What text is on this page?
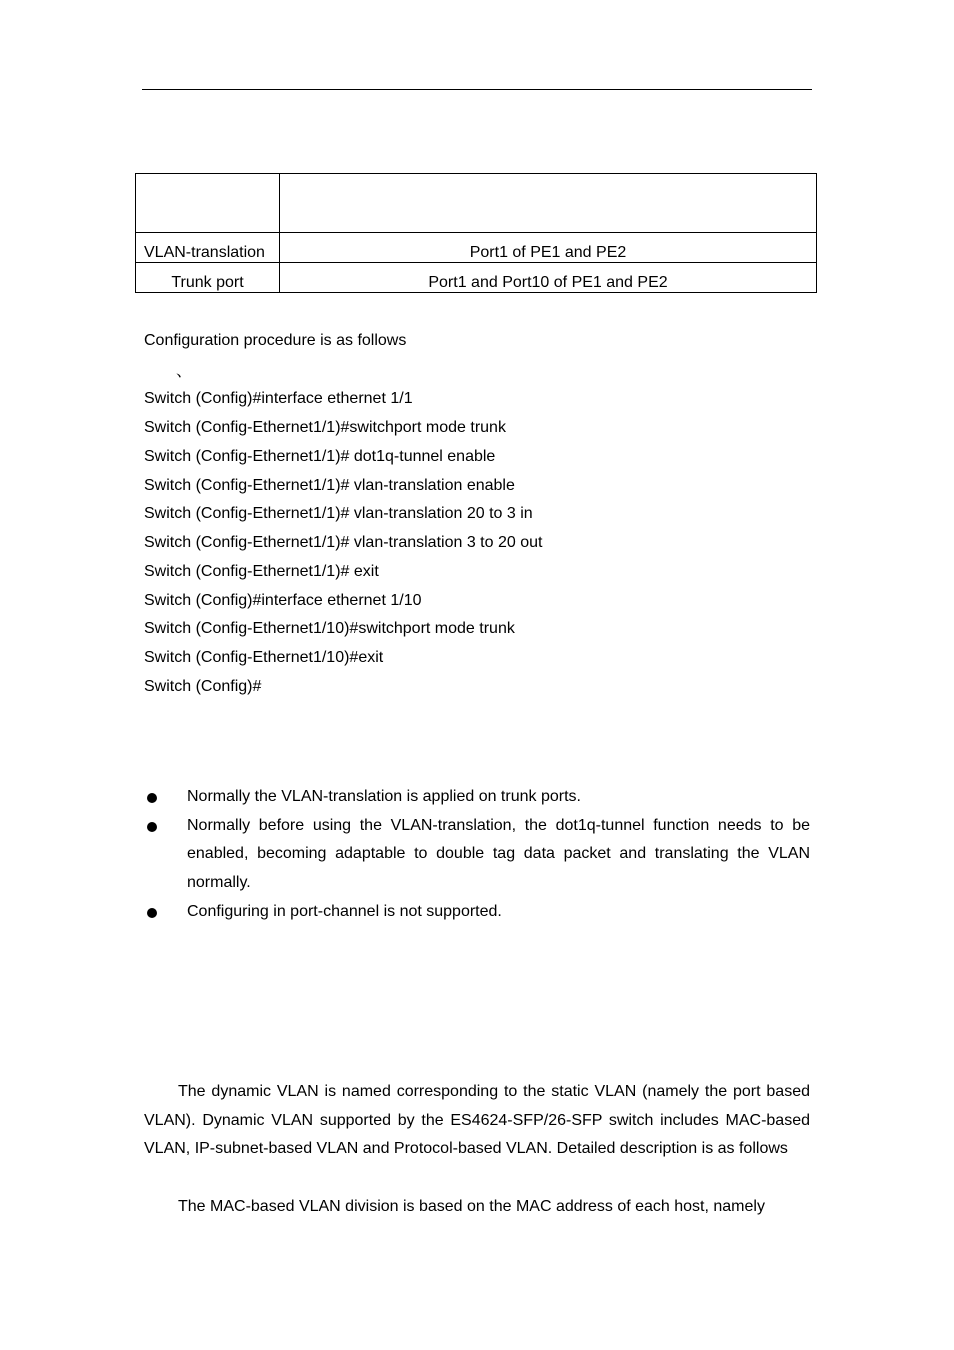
VLAN-translation	Port1 of PE1 and PE2
Trunk port	Port1 and Port10 of PE1 and PE2
Configuration procedure is as follows
、
Switch (Config)#interface ethernet 1/1
Switch (Config-Ethernet1/1)#switchport mode trunk
Switch (Config-Ethernet1/1)# dot1q-tunnel enable
Switch (Config-Ethernet1/1)# vlan-translation enable
Switch (Config-Ethernet1/1)# vlan-translation 20 to 3 in
Switch (Config-Ethernet1/1)# vlan-translation 3 to 20 out
Switch (Config-Ethernet1/1)# exit
Switch (Config)#interface ethernet 1/10
Switch (Config-Ethernet1/10)#switchport mode trunk
Switch (Config-Ethernet1/10)#exit
Switch (Config)#
Normally the VLAN-translation is applied on trunk ports.
Normally before using the VLAN-translation, the dot1q-tunnel function needs to be enabled, becoming adaptable to double tag data packet and translating the VLAN normally.
Configuring in port-channel is not supported.

The dynamic VLAN is named corresponding to the static VLAN (namely the port based VLAN). Dynamic VLAN supported by the ES4624-SFP/26-SFP switch includes MAC-based VLAN, IP-subnet-based VLAN and Protocol-based VLAN. Detailed description is as follows

The MAC-based VLAN division is based on the MAC address of each host, namely
